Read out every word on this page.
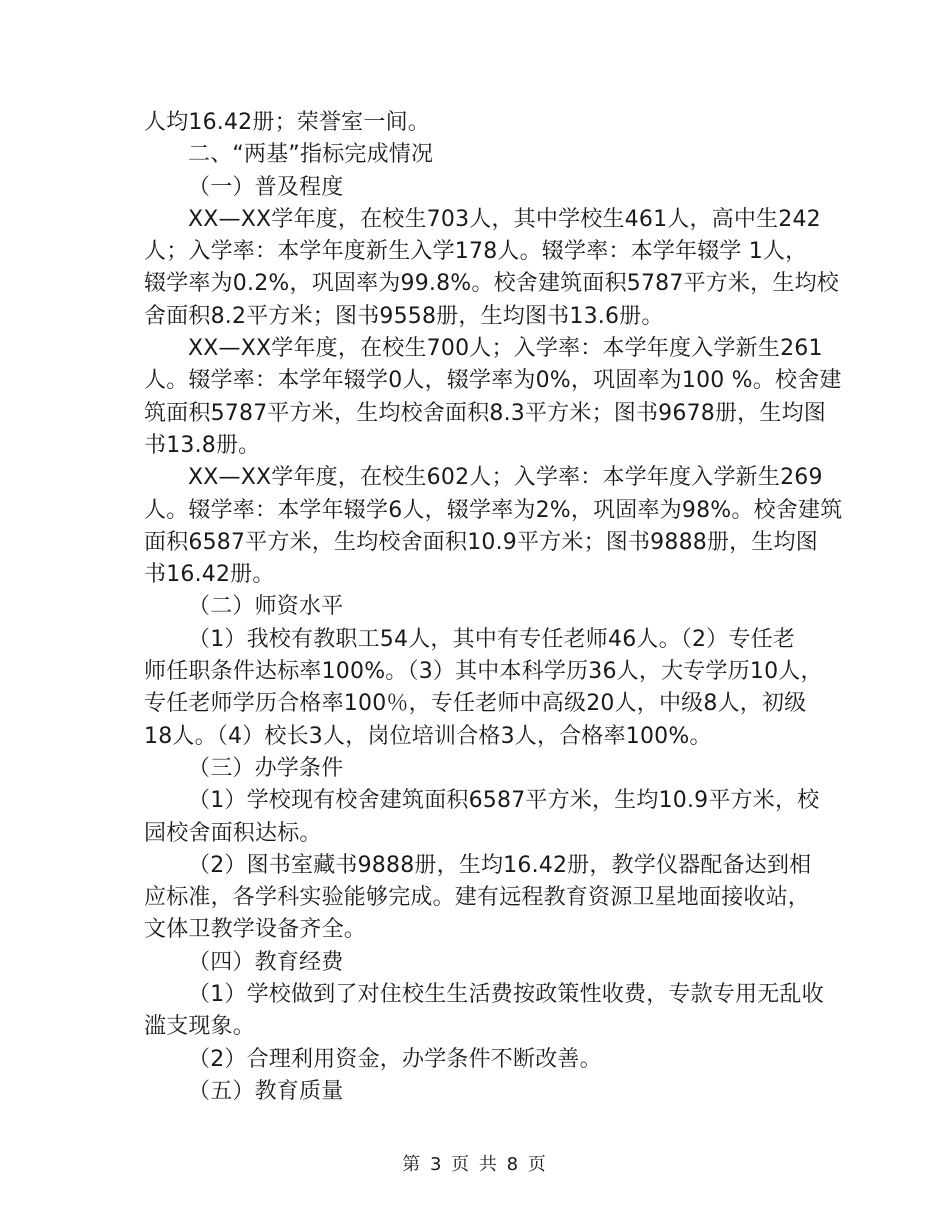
人均16.42册；荣誉室一间。
二、“两基”指标完成情况
（一）普及程度
XX—XX学年度，在校生703人，其中学校生461人，高中生242
人；入学率：本学年度新生入学178人。辍学率：本学年辍学 1人，
辍学率为0.2%，巩固率为99.8%。校舍建筑面积5787平方米，生均校
舍面积8.2平方米；图书9558册，生均图书13.6册。
XX—XX学年度，在校生700人；入学率：本学年度入学新生261
人。辍学率：本学年辍学0人，辍学率为0%，巩固率为100 %。校舍建
筑面积5787平方米，生均校舍面积8.3平方米；图书9678册，生均图
书13.8册。
XX—XX学年度，在校生602人；入学率：本学年度入学新生269
人。辍学率：本学年辍学6人，辍学率为2%，巩固率为98%。校舍建筑
面积6587平方米，生均校舍面积10.9平方米；图书9888册，生均图
书16.42册。
（二）师资水平
（1）我校有教职工54人，其中有专任老师46人。（2）专任老
师任职条件达标率100%。（3）其中本科学历36人，大专学历10人，
专任老师学历合格率100％，专任老师中高级20人，中级8人，初级
18人。（4）校长3人，岗位培训合格3人，合格率100%。
（三）办学条件
（1）学校现有校舍建筑面积6587平方米，生均10.9平方米，校
园校舍面积达标。
（2）图书室藏书9888册，生均16.42册，教学仪器配备达到相
应标准，各学科实验能够完成。建有远程教育资源卫星地面接收站，
文体卫教学设备齐全。
（四）教育经费
（1）学校做到了对住校生生活费按政策性收费，专款专用无乱收
滥支现象。
（2）合理利用资金，办学条件不断改善。
（五）教育质量
第 3 页 共 8 页
